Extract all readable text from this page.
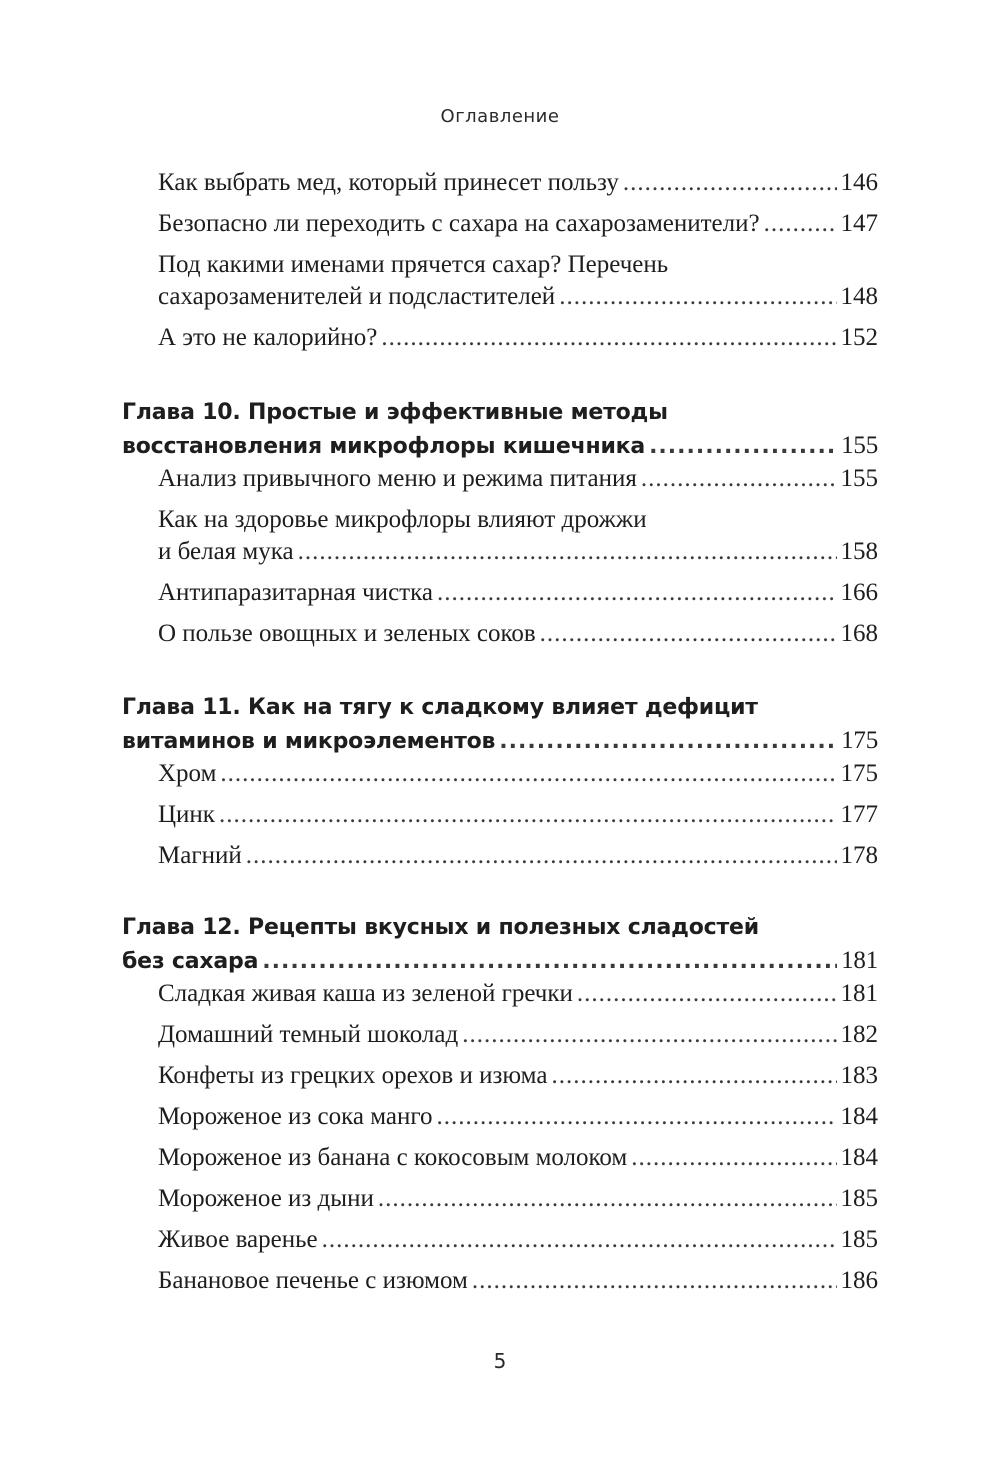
Оглавление
Как выбрать мед, который принесет пользу .....	146
Безопасно ли переходить с сахара на сахарозаменители? .....	147
Под какими именами прячется сахар? Перечень
сахарозаменителей и подсластителей .....	148
А это не калорийно? .....	152
Глава 10. Простые и эффективные методы
восстановления микрофлоры кишечника .....	155
Анализ привычного меню и режима питания .....	155
Как на здоровье микрофлоры влияют дрожжи
и белая мука .....	158
Антипаразитарная чистка .....	166
О пользе овощных и зеленых соков .....	168
Глава 11. Как на тягу к сладкому влияет дефицит
витаминов и микроэлементов .....	175
Хром .....	175
Цинк .....	177
Магний .....	178
Глава 12. Рецепты вкусных и полезных сладостей
без сахара .....	181
Сладкая живая каша из зеленой гречки .....	181
Домашний темный шоколад .....	182
Конфеты из грецких орехов и изюма .....	183
Мороженое из сока манго .....	184
Мороженое из банана с кокосовым молоком .....	184
Мороженое из дыни .....	185
Живое варенье .....	185
Банановое печенье с изюмом .....	186
5
